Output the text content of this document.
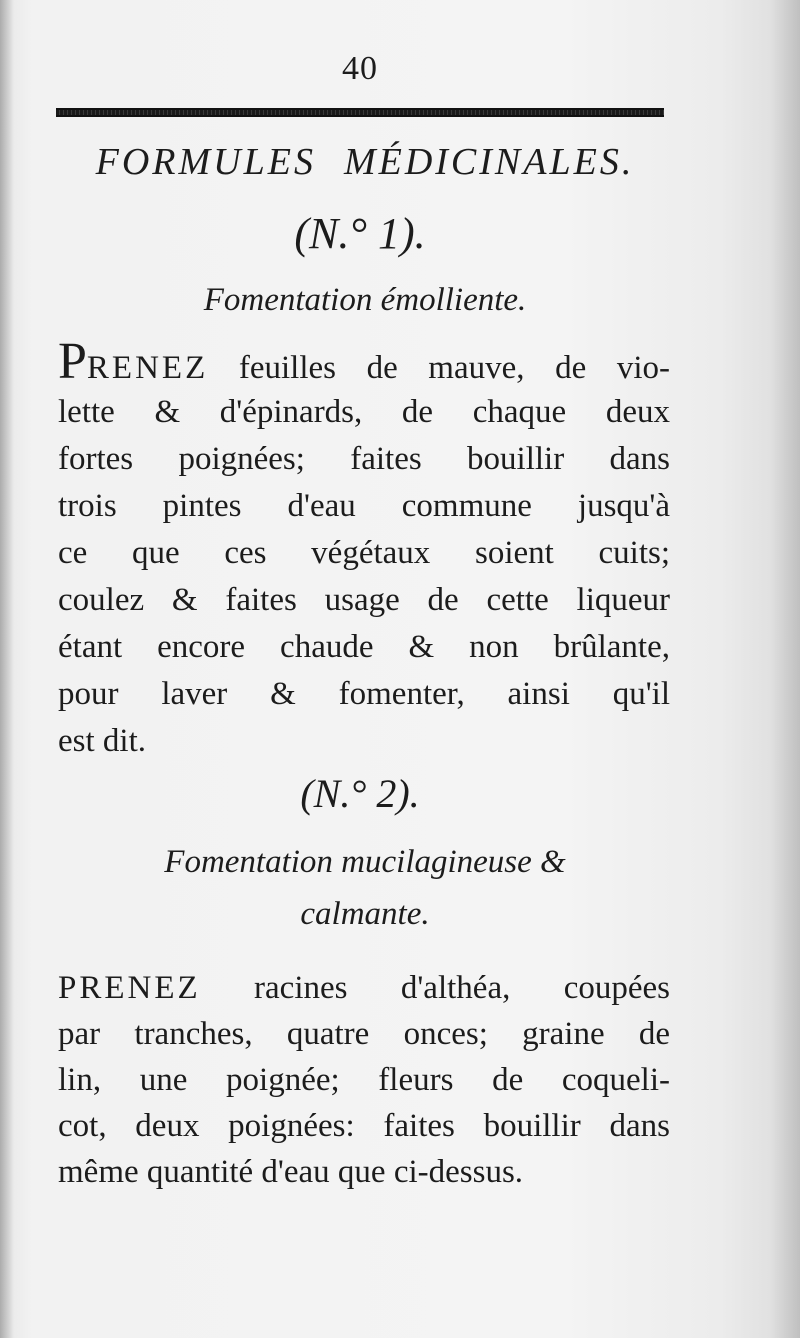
40
FORMULES MÉDICINALES.
(N.° 1).
Fomentation émolliente.
PRENEZ feuilles de mauve, de vio-
lette & d'épinards, de chaque deux
fortes poignées; faites bouillir dans
trois pintes d'eau commune jusqu'à
ce que ces végétaux soient cuits;
coulez & faites usage de cette liqueur
étant encore chaude & non brûlante,
pour laver & fomenter, ainsi qu'il
est dit.
(N.° 2).
Fomentation mucilagineuse &
calmante.
PRENEZ racines d'althéa, coupées
par tranches, quatre onces; graine de
lin, une poignée; fleurs de coqueli-
cot, deux poignées: faites bouillir dans
même quantité d'eau que ci-dessus.
